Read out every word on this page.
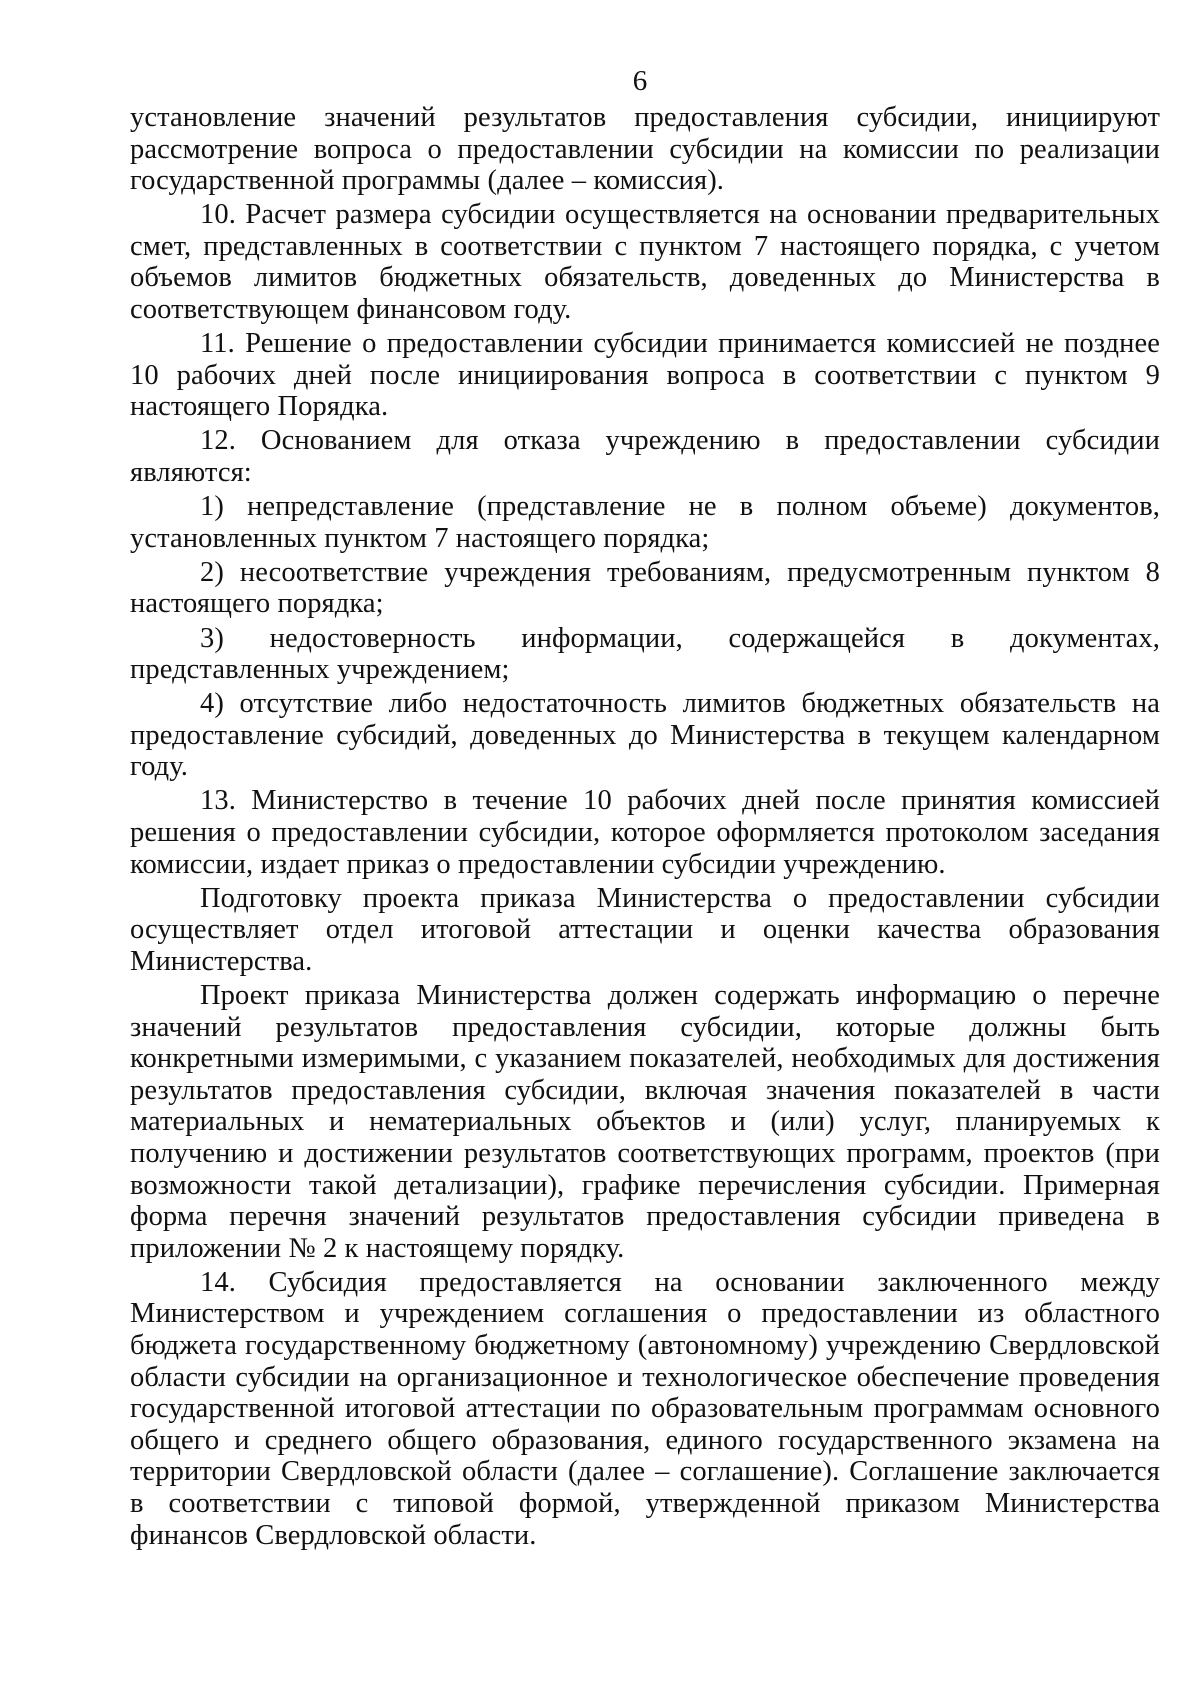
6

установление значений результатов предоставления субсидии, инициируют рассмотрение вопроса о предоставлении субсидии на комиссии по реализации государственной программы (далее – комиссия).

10. Расчет размера субсидии осуществляется на основании предварительных смет, представленных в соответствии с пунктом 7 настоящего порядка, с учетом объемов лимитов бюджетных обязательств, доведенных до Министерства в соответствующем финансовом году.

11. Решение о предоставлении субсидии принимается комиссией не позднее 10 рабочих дней после инициирования вопроса в соответствии с пунктом 9 настоящего Порядка.

12. Основанием для отказа учреждению в предоставлении субсидии являются:

1) непредставление (представление не в полном объеме) документов, установленных пунктом 7 настоящего порядка;

2) несоответствие учреждения требованиям, предусмотренным пунктом 8 настоящего порядка;

3) недостоверность информации, содержащейся в документах, представленных учреждением;

4) отсутствие либо недостаточность лимитов бюджетных обязательств на предоставление субсидий, доведенных до Министерства в текущем календарном году.

13. Министерство в течение 10 рабочих дней после принятия комиссией решения о предоставлении субсидии, которое оформляется протоколом заседания комиссии, издает приказ о предоставлении субсидии учреждению.

Подготовку проекта приказа Министерства о предоставлении субсидии осуществляет отдел итоговой аттестации и оценки качества образования Министерства.

Проект приказа Министерства должен содержать информацию о перечне значений результатов предоставления субсидии, которые должны быть конкретными измеримыми, с указанием показателей, необходимых для достижения результатов предоставления субсидии, включая значения показателей в части материальных и нематериальных объектов и (или) услуг, планируемых к получению и достижении результатов соответствующих программ, проектов (при возможности такой детализации), графике перечисления субсидии. Примерная форма перечня значений результатов предоставления субсидии приведена в приложении № 2 к настоящему порядку.

14. Субсидия предоставляется на основании заключенного между Министерством и учреждением соглашения о предоставлении из областного бюджета государственному бюджетному (автономному) учреждению Свердловской области субсидии на организационное и технологическое обеспечение проведения государственной итоговой аттестации по образовательным программам основного общего и среднего общего образования, единого государственного экзамена на территории Свердловской области (далее – соглашение). Соглашение заключается в соответствии с типовой формой, утвержденной приказом Министерства финансов Свердловской области.
